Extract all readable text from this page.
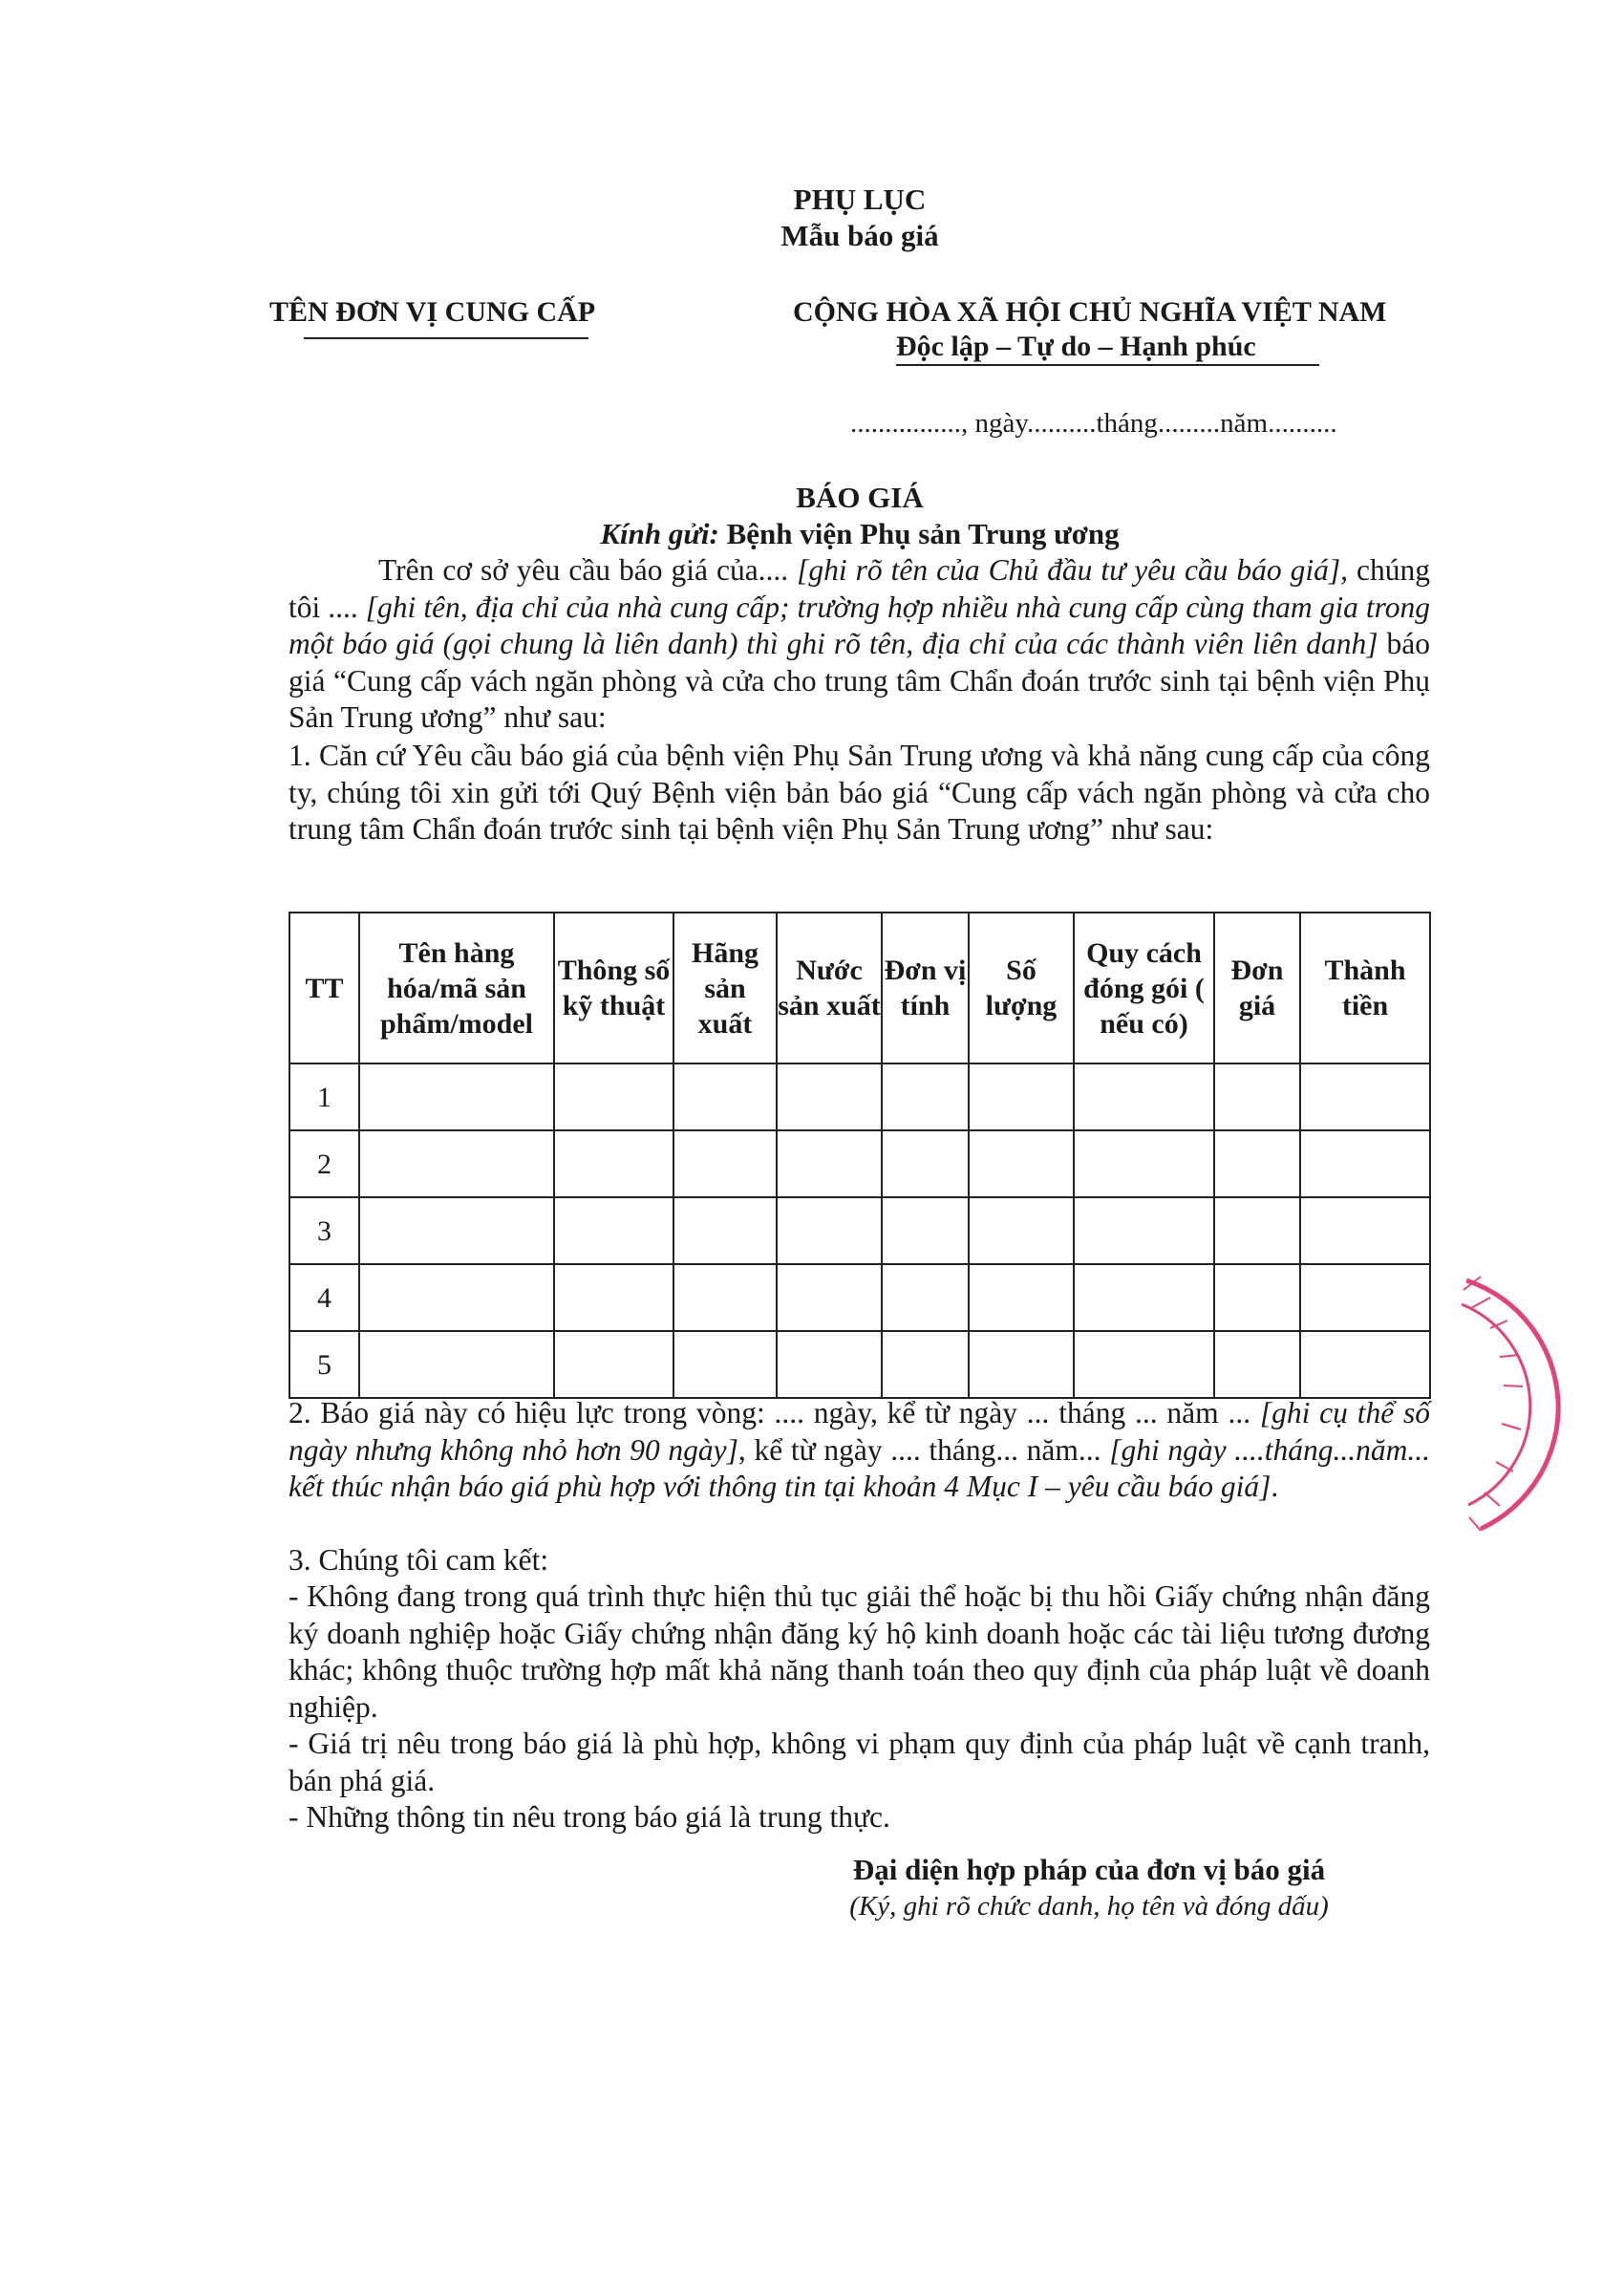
PHỤ LỤC
Mẫu báo giá
TÊN ĐƠN VỊ CUNG CẤP	CỘNG HÒA XÃ HỘI CHỦ NGHĨA VIỆT NAM
Độc lập – Tự do – Hạnh phúc
................, ngày..........tháng.........năm..........
BÁO GIÁ
Kính gửi: Bệnh viện Phụ sản Trung ương
Trên cơ sở yêu cầu báo giá của.... [ghi rõ tên của Chủ đầu tư yêu cầu báo giá], chúng tôi .... [ghi tên, địa chỉ của nhà cung cấp; trường hợp nhiều nhà cung cấp cùng tham gia trong một báo giá (gọi chung là liên danh) thì ghi rõ tên, địa chỉ của các thành viên liên danh] báo giá “Cung cấp vách ngăn phòng và cửa cho trung tâm Chẩn đoán trước sinh tại bệnh viện Phụ Sản Trung ương” như sau:
1. Căn cứ Yêu cầu báo giá của bệnh viện Phụ Sản Trung ương và khả năng cung cấp của công ty, chúng tôi xin gửi tới Quý Bệnh viện bản báo giá “Cung cấp vách ngăn phòng và cửa cho trung tâm Chẩn đoán trước sinh tại bệnh viện Phụ Sản Trung ương” như sau:
TT	Tên hàng hóa/mã sản phẩm/model	Thông số kỹ thuật	Hãng sản xuất	Nước sản xuất	Đơn vị tính	Số lượng	Quy cách đóng gói ( nếu có)	Đơn giá	Thành tiền
1									
2									
3									
4									
5									
2. Báo giá này có hiệu lực trong vòng: .... ngày, kể từ ngày ... tháng ... năm ... [ghi cụ thể số ngày nhưng không nhỏ hơn 90 ngày], kể từ ngày .... tháng... năm... [ghi ngày ....tháng...năm... kết thúc nhận báo giá phù hợp với thông tin tại khoản 4 Mục I – yêu cầu báo giá].
3. Chúng tôi cam kết:
- Không đang trong quá trình thực hiện thủ tục giải thể hoặc bị thu hồi Giấy chứng nhận đăng ký doanh nghiệp hoặc Giấy chứng nhận đăng ký hộ kinh doanh hoặc các tài liệu tương đương khác; không thuộc trường hợp mất khả năng thanh toán theo quy định của pháp luật về doanh nghiệp.
- Giá trị nêu trong báo giá là phù hợp, không vi phạm quy định của pháp luật về cạnh tranh, bán phá giá.
- Những thông tin nêu trong báo giá là trung thực.
Đại diện hợp pháp của đơn vị báo giá
(Ký, ghi rõ chức danh, họ tên và đóng dấu)
